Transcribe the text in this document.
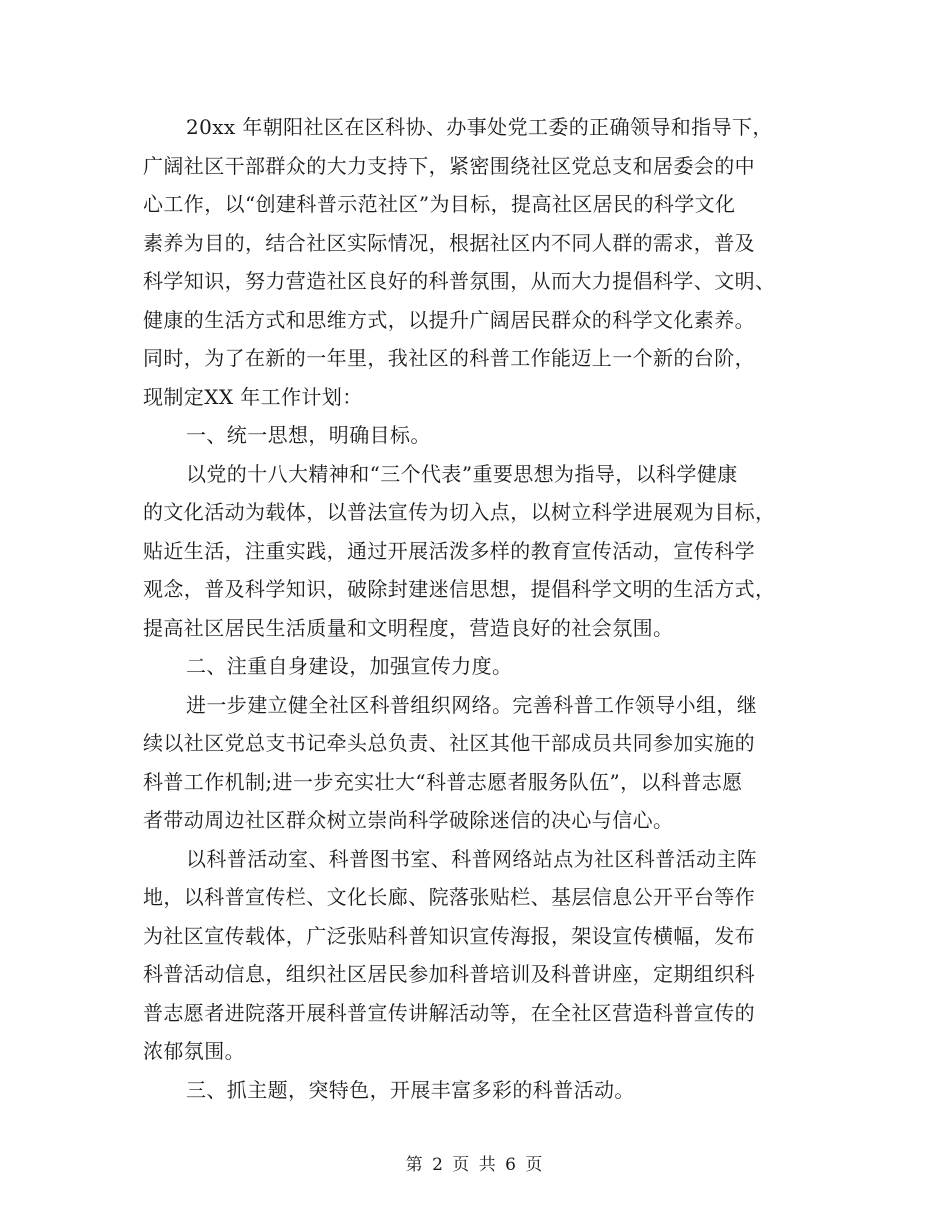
20xx 年朝阳社区在区科协、办事处党工委的正确领导和指导下，
广阔社区干部群众的大力支持下，紧密围绕社区党总支和居委会的中
心工作，以“创建科普示范社区”为目标，提高社区居民的科学文化
素养为目的，结合社区实际情况，根据社区内不同人群的需求，普及
科学知识，努力营造社区良好的科普氛围，从而大力提倡科学、文明、
健康的生活方式和思维方式，以提升广阔居民群众的科学文化素养。
同时，为了在新的一年里，我社区的科普工作能迈上一个新的台阶，
现制定XX 年工作计划：
一、统一思想，明确目标。
以党的十八大精神和“三个代表”重要思想为指导，以科学健康
的文化活动为载体，以普法宣传为切入点，以树立科学进展观为目标，
贴近生活，注重实践，通过开展活泼多样的教育宣传活动，宣传科学
观念，普及科学知识，破除封建迷信思想，提倡科学文明的生活方式，
提高社区居民生活质量和文明程度，营造良好的社会氛围。
二、注重自身建设，加强宣传力度。
进一步建立健全社区科普组织网络。完善科普工作领导小组，继
续以社区党总支书记牵头总负责、社区其他干部成员共同参加实施的
科普工作机制;进一步充实壮大“科普志愿者服务队伍”，以科普志愿
者带动周边社区群众树立崇尚科学破除迷信的决心与信心。
以科普活动室、科普图书室、科普网络站点为社区科普活动主阵
地，以科普宣传栏、文化长廊、院落张贴栏、基层信息公开平台等作
为社区宣传载体，广泛张贴科普知识宣传海报，架设宣传横幅，发布
科普活动信息，组织社区居民参加科普培训及科普讲座，定期组织科
普志愿者进院落开展科普宣传讲解活动等，在全社区营造科普宣传的
浓郁氛围。
三、抓主题，突特色，开展丰富多彩的科普活动。
第 2 页 共 6 页
